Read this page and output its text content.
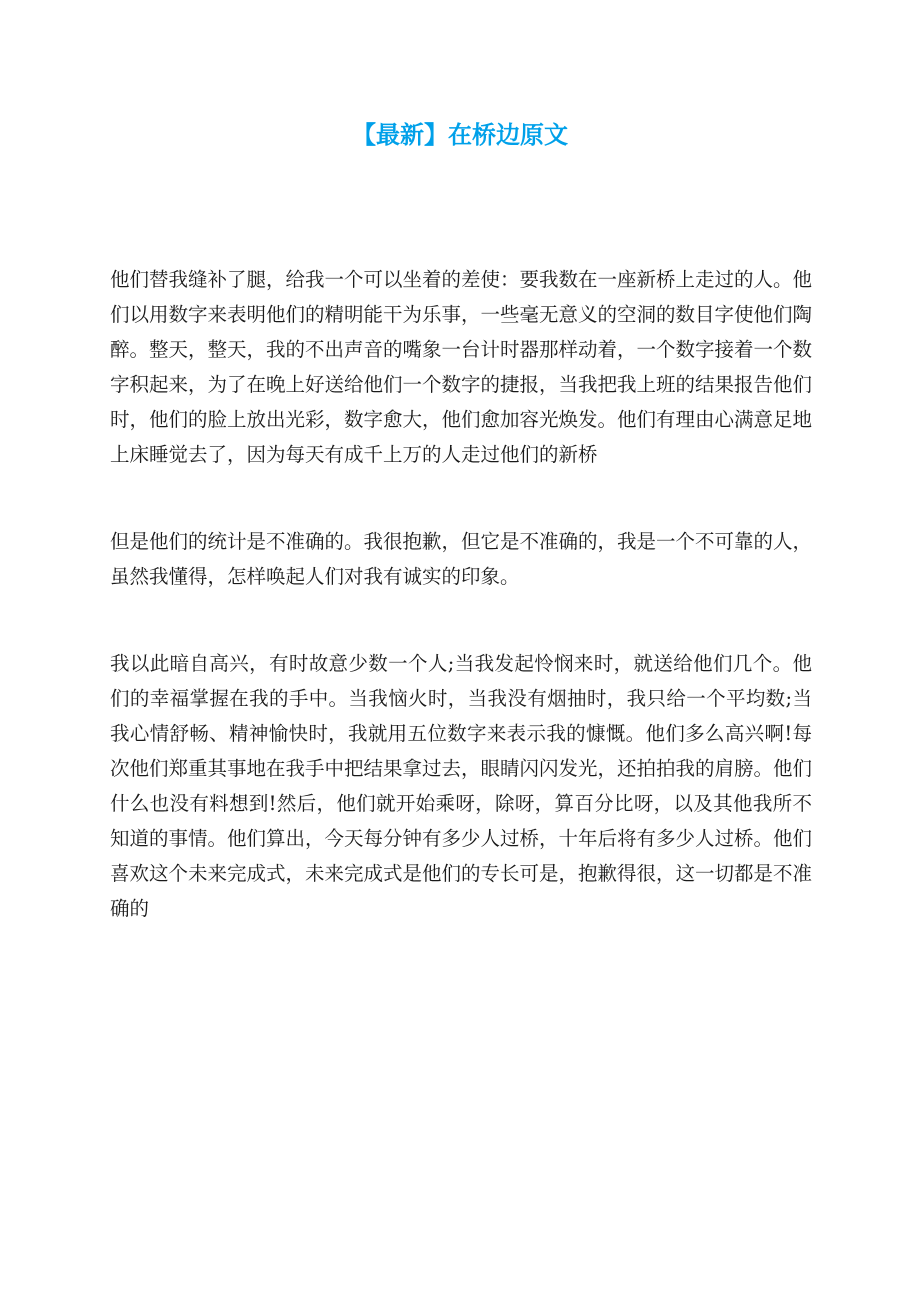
【最新】在桥边原文

他们替我缝补了腿，给我一个可以坐着的差使：要我数在一座新桥上走过的人。他们以用数字来表明他们的精明能干为乐事，一些毫无意义的空洞的数目字使他们陶醉。整天，整天，我的不出声音的嘴象一台计时器那样动着，一个数字接着一个数字积起来，为了在晚上好送给他们一个数字的捷报，当我把我上班的结果报告他们时，他们的脸上放出光彩，数字愈大，他们愈加容光焕发。他们有理由心满意足地上床睡觉去了，因为每天有成千上万的人走过他们的新桥

但是他们的统计是不准确的。我很抱歉，但它是不准确的，我是一个不可靠的人，虽然我懂得，怎样唤起人们对我有诚实的印象。

我以此暗自高兴，有时故意少数一个人;当我发起怜悯来时，就送给他们几个。他们的幸福掌握在我的手中。当我恼火时，当我没有烟抽时，我只给一个平均数;当我心情舒畅、精神愉快时，我就用五位数字来表示我的慷慨。他们多么高兴啊!每次他们郑重其事地在我手中把结果拿过去，眼睛闪闪发光，还拍拍我的肩膀。他们什么也没有料想到!然后，他们就开始乘呀，除呀，算百分比呀，以及其他我所不知道的事情。他们算出，今天每分钟有多少人过桥，十年后将有多少人过桥。他们喜欢这个未来完成式，未来完成式是他们的专长可是，抱歉得很，这一切都是不准确的
